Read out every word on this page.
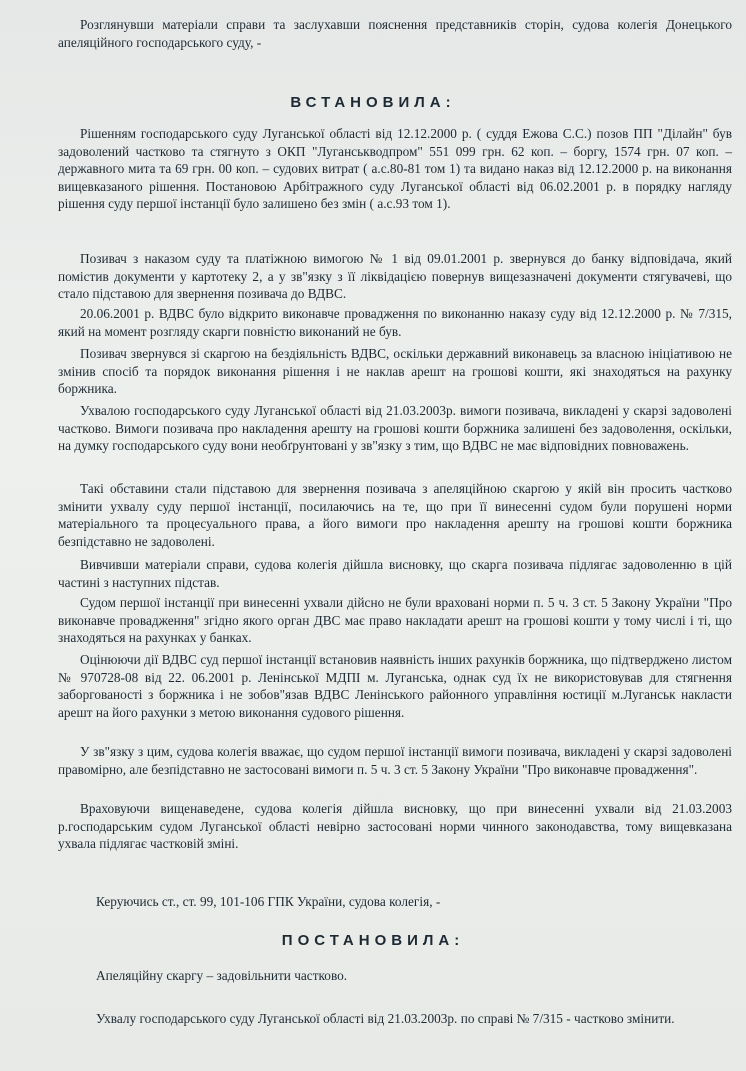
Розглянувши матеріали справи та заслухавши пояснення представників сторін, судова колегія Донецького апеляційного господарського суду, -

ВСТАНОВИЛА:

Рішенням господарського суду Луганської області від 12.12.2000 р. ( суддя Ежова С.С.) позов ПП "Ділайн" був задоволений частково та стягнуто з ОКП "Луганськводпром" 551 099 грн. 62 коп. – боргу, 1574 грн. 07 коп. – державного мита та 69 грн. 00 коп. – судових витрат ( а.с.80-81 том 1) та видано наказ від 12.12.2000 р. на виконання вищевказаного рішення. Постановою Арбітражного суду Луганської області від 06.02.2001 р. в порядку нагляду рішення суду першої інстанції було залишено без змін ( а.с.93 том 1).

Позивач з наказом суду та платіжною вимогою № 1 від 09.01.2001 р. звернувся до банку відповідача, який помістив документи у картотеку 2, а у зв"язку з її ліквідацією повернув вищезазначені документи стягувачеві, що стало підставою для звернення позивача до ВДВС.

20.06.2001 р. ВДВС було відкрито виконавче провадження по виконанню наказу суду від 12.12.2000 р. № 7/315, який на момент розгляду скарги повністю виконаний не був.

Позивач звернувся зі скаргою на бездіяльність ВДВС, оскільки державний виконавець за власною ініціативою не змінив спосіб та порядок виконання рішення і не наклав арешт на грошові кошти, які знаходяться на рахунку боржника.

Ухвалою господарського суду Луганської області від 21.03.2003р. вимоги позивача, викладені у скарзі задоволені частково. Вимоги позивача про накладення арешту на грошові кошти боржника залишені без задоволення, оскільки, на думку господарського суду вони необґрунтовані у зв"язку з тим, що ВДВС не має відповідних повноважень.

Такі обставини стали підставою для звернення позивача з апеляційною скаргою у якій він просить частково змінити ухвалу суду першої інстанції, посилаючись на те, що при її винесенні судом були порушені норми матеріального та процесуального права, а його вимоги про накладення арешту на грошові кошти боржника безпідставно не задоволені.

Вивчивши матеріали справи, судова колегія дійшла висновку, що скарга позивача підлягає задоволенню в цій частині з наступних підстав.

Судом першої інстанції при винесенні ухвали дійсно не були враховані норми п. 5 ч. 3 ст. 5 Закону України "Про виконавче провадження" згідно якого орган ДВС має право накладати арешт на грошові кошти у тому числі і ті, що знаходяться на рахунках у банках.

Оцінюючи дії ВДВС суд першої інстанції встановив наявність інших рахунків боржника, що підтверджено листом № 970728-08 від 22. 06.2001 р. Ленінської МДПІ м. Луганська, однак суд їх не використовував для стягнення заборгованості з боржника і не зобов"язав ВДВС Ленінського районного управління юстиції м.Луганськ накласти арешт на його рахунки з метою виконання судового рішення.

У зв"язку з цим, судова колегія вважає, що судом першої інстанції вимоги позивача, викладені у скарзі задоволені правомірно, але безпідставно не застосовані вимоги п. 5 ч. 3 ст. 5 Закону України "Про виконавче провадження".

Враховуючи вищенаведене, судова колегія дійшла висновку, що при винесенні ухвали від 21.03.2003 р.господарським судом Луганської області невірно застосовані норми чинного законодавства, тому вищевказана ухвала підлягає частковій зміні.

Керуючись ст., ст. 99, 101-106 ГПК України, судова колегія, -

ПОСТАНОВИЛА:

Апеляційну скаргу – задовільнити частково.

Ухвалу господарського суду Луганської області від 21.03.2003р. по справі № 7/315 - частково змінити.
